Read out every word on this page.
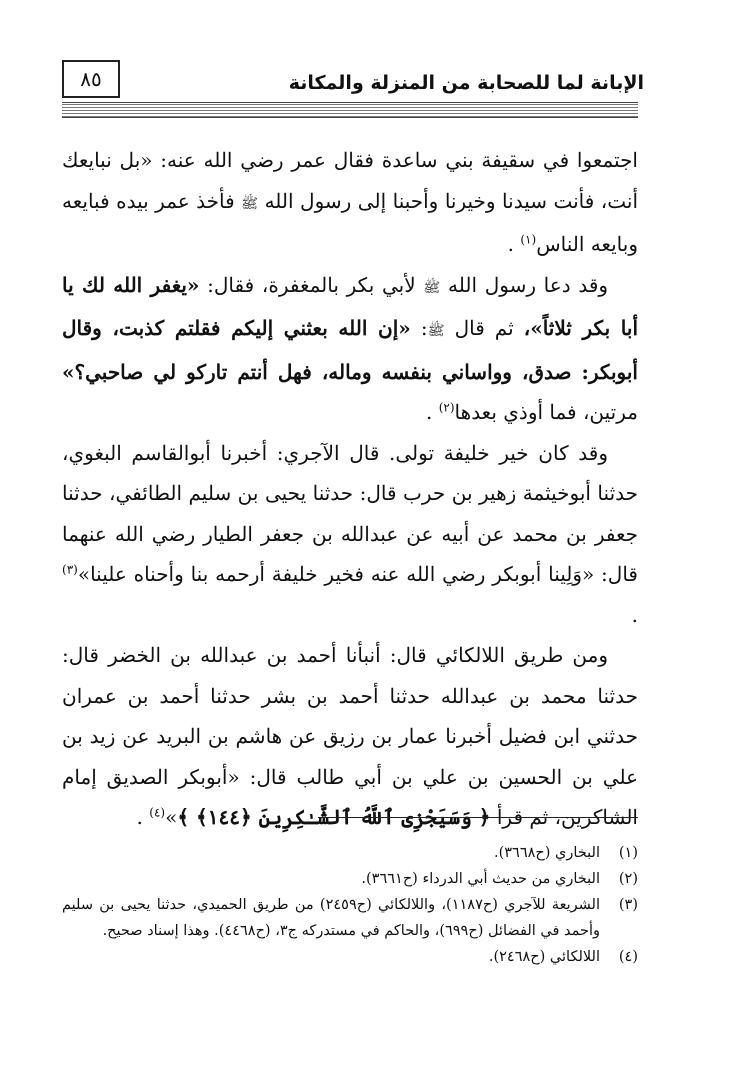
٨٥	الإبانة لما للصحابة من المنزلة والمكانة

اجتمعوا في سقيفة بني ساعدة فقال عمر رضي الله عنه: «بل نبايعك أنت، فأنت سيدنا وخيرنا وأحبنا إلى رسول الله ﷺ فأخذ عمر بيده فبايعه وبايعه الناس$^{(١)}$ .

وقد دعا رسول الله ﷺ لأبي بكر بالمغفرة، فقال: «يغفر الله لك يا أبا بكر ثلاثاً»، ثم قال ﷺ: «إن الله بعثني إليكم فقلتم كذبت، وقال أبوبكر: صدق، وواساني بنفسه وماله، فهل أنتم تاركو لي صاحبي؟» مرتين، فما أوذي بعدها$^{(٢)}$ .

وقد كان خير خليفة تولى. قال الآجري: أخبرنا أبوالقاسم البغوي، حدثنا أبوخيثمة زهير بن حرب قال: حدثنا يحيى بن سليم الطائفي، حدثنا جعفر بن محمد عن أبيه عن عبدالله بن جعفر الطيار رضي الله عنهما قال: «وَلِينا أبوبكر رضي الله عنه فخير خليفة أرحمه بنا وأحناه علينا»$^{(٣)}$ .

ومن طريق اللالكائي قال: أنبأنا أحمد بن عبدالله بن الخضر قال: حدثنا محمد بن عبدالله حدثنا أحمد بن بشر حدثنا أحمد بن عمران حدثني ابن فضيل أخبرنا عمار بن رزيق عن هاشم بن البريد عن زيد بن علي بن الحسين بن علي بن أبي طالب قال: «أبوبكر الصديق إمام الشاكرين، ثم قرأ ﴿ وَسَيَجْزِى ٱللَّهُ ٱلشَّـٰكِرِينَ ﴿١٤٤﴾ ﴾»$^{(٤)}$ .

(١)
البخاري (ح٣٦٦٨).
(٢)
البخاري من حديث أبي الدرداء (ح٣٦٦١).
(٣)
الشريعة للآجري (ح١١٨٧)، واللالكائي (ح٢٤٥٩) من طريق الحميدي، حدثنا يحيى بن سليم وأحمد في الفضائل (ح٦٩٩)، والحاكم في مستدركه ج٣، (ح٤٤٦٨). وهذا إسناد صحيح.
(٤)
اللالكائي (ح٢٤٦٨).
